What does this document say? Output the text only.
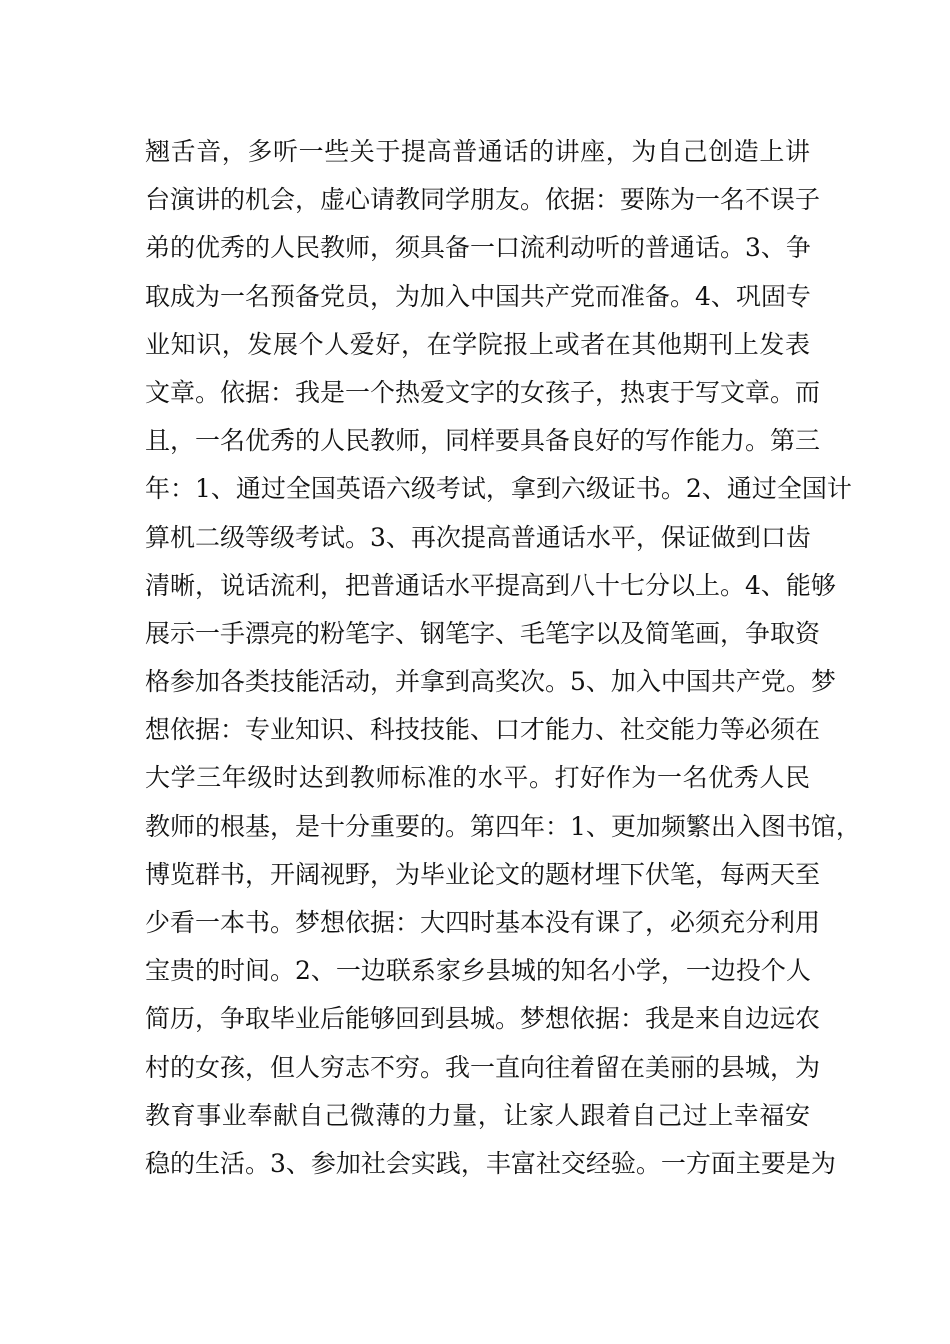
翘舌音，多听一些关于提高普通话的讲座，为自己创造上讲
台演讲的机会，虚心请教同学朋友。依据：要陈为一名不误子
弟的优秀的人民教师，须具备一口流利动听的普通话。3、争
取成为一名预备党员，为加入中国共产党而准备。4、巩固专
业知识，发展个人爱好，在学院报上或者在其他期刊上发表
文章。依据：我是一个热爱文字的女孩子，热衷于写文章。而
且，一名优秀的人民教师，同样要具备良好的写作能力。第三
年：1、通过全国英语六级考试，拿到六级证书。2、通过全国计
算机二级等级考试。3、再次提高普通话水平，保证做到口齿
清晰，说话流利，把普通话水平提高到八十七分以上。4、能够
展示一手漂亮的粉笔字、钢笔字、毛笔字以及简笔画，争取资
格参加各类技能活动，并拿到高奖次。5、加入中国共产党。梦
想依据：专业知识、科技技能、口才能力、社交能力等必须在
大学三年级时达到教师标准的水平。打好作为一名优秀人民
教师的根基，是十分重要的。第四年：1、更加频繁出入图书馆，
博览群书，开阔视野，为毕业论文的题材埋下伏笔，每两天至
少看一本书。梦想依据：大四时基本没有课了，必须充分利用
宝贵的时间。2、一边联系家乡县城的知名小学，一边投个人
简历，争取毕业后能够回到县城。梦想依据：我是来自边远农
村的女孩，但人穷志不穷。我一直向往着留在美丽的县城，为
教育事业奉献自己微薄的力量，让家人跟着自己过上幸福安
稳的生活。3、参加社会实践，丰富社交经验。一方面主要是为
